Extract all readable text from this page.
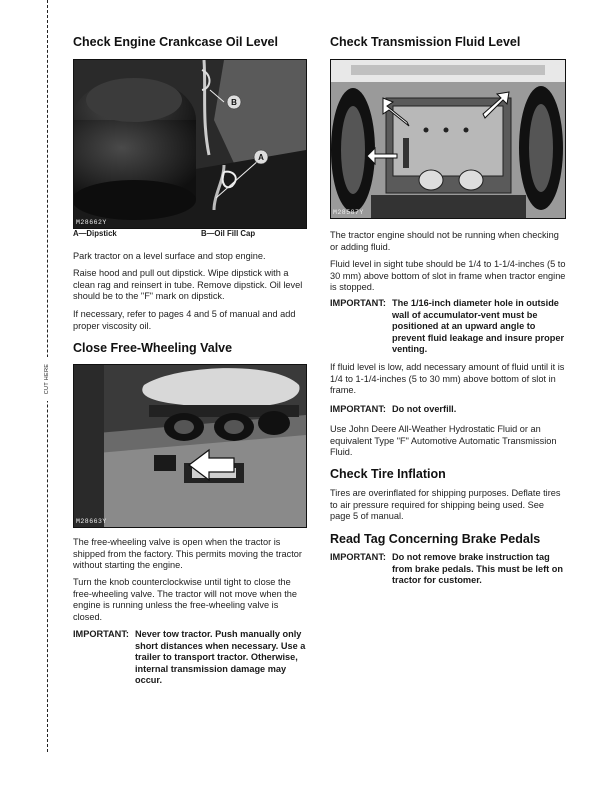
CUT HERE
Check Engine Crankcase Oil Level
B
A
M28662Y
A—Dipstick	B—Oil Fill Cap

Park tractor on a level surface and stop engine.

Raise hood and pull out dipstick. Wipe dipstick with a clean rag and reinsert in tube. Remove dipstick. Oil level should be to the "F" mark on dipstick.

If necessary, refer to pages 4 and 5 of manual and add proper viscosity oil.

Close Free-Wheeling Valve
M28663Y

The free-wheeling valve is open when the tractor is shipped from the factory. This permits moving the tractor without starting the engine.

Turn the knob counterclockwise until tight to close the free-wheeling valve. The tractor will not move when the engine is running unless the free-wheeling valve is closed.

IMPORTANT: Never tow tractor. Push manually only short distances when necessary. Use a trailer to transport tractor. Otherwise, internal transmission damage may occur.
Check Transmission Fluid Level
M28587Y

The tractor engine should not be running when checking or adding fluid.

Fluid level in sight tube should be 1/4 to 1-1/4-inches (5 to 30 mm) above bottom of slot in frame when tractor engine is stopped.

IMPORTANT: The 1/16-inch diameter hole in outside wall of accumulator-vent must be positioned at an upward angle to prevent fluid leakage and insure proper venting.

If fluid level is low, add necessary amount of fluid until it is 1/4 to 1-1/4-inches (5 to 30 mm) above bottom of slot in frame.

IMPORTANT: Do not overfill.

Use John Deere All-Weather Hydrostatic Fluid or an equivalent Type "F" Automotive Automatic Transmission Fluid.

Check Tire Inflation

Tires are overinflated for shipping purposes. Deflate tires to air pressure required for shipping being used. See page 5 of manual.

Read Tag Concerning Brake Pedals
IMPORTANT: Do not remove brake instruction tag from brake pedals. This must be left on tractor for customer.
